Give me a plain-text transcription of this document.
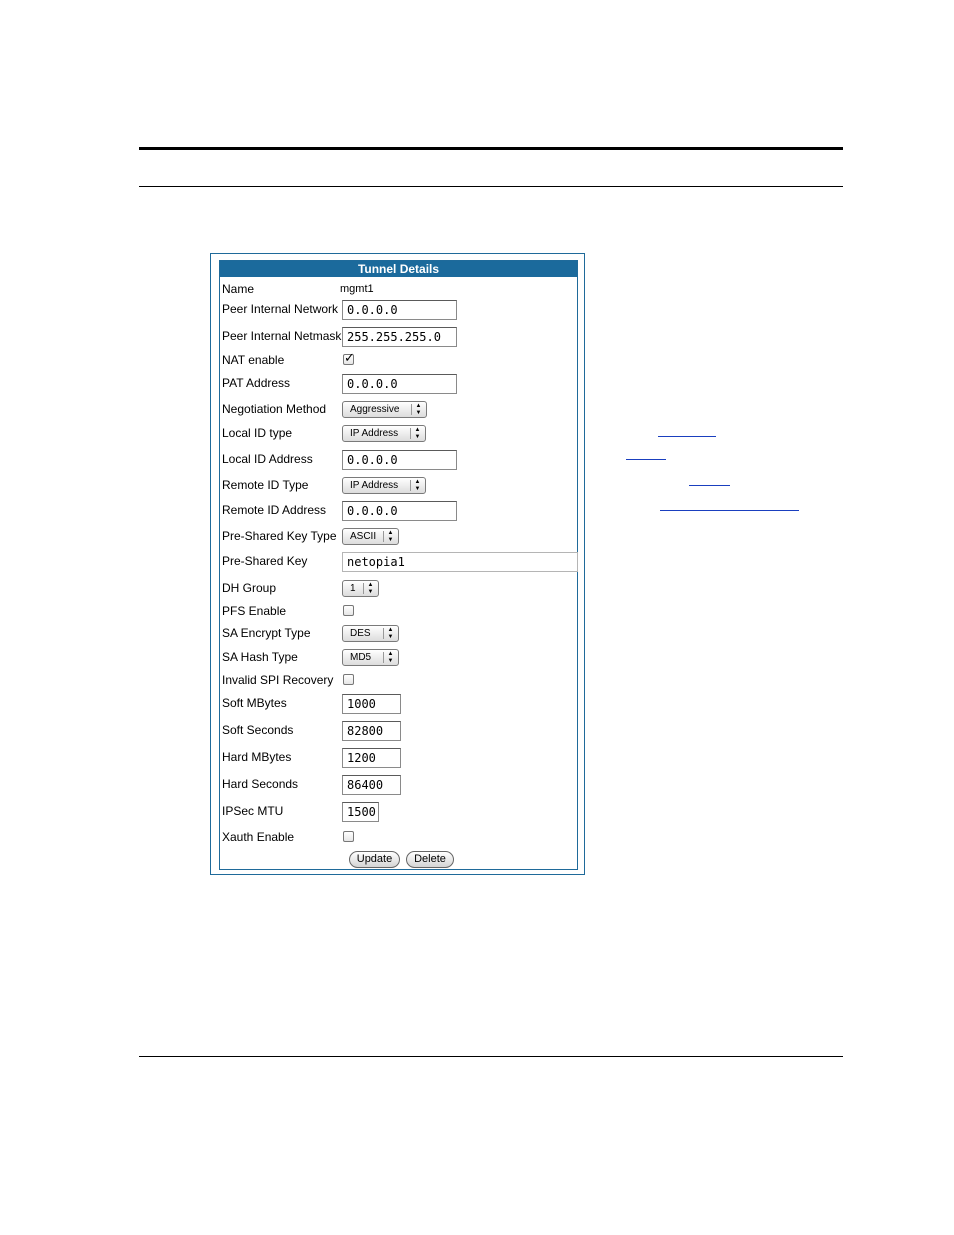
Tunnel Details
Name	mgmt1
Peer Internal Network 0.0.0.0
Peer Internal Netmask 255.255.255.0
NAT enable	✓
PAT Address	0.0.0.0
Negotiation Method	Aggressive	▲
▼
Local ID type	IP Address	▲
▼
Local ID Address	0.0.0.0
Remote ID Type	IP Address	▲
▼
Remote ID Address	0.0.0.0
Pre-Shared Key Type	ASCII ▲
▼
Pre-Shared Key	netopia1
DH Group	1 ▲
▼
PFS Enable
SA Encrypt Type	DES	▲
▼
SA Hash Type	MD5	▲
▼
Invalid SPI Recovery
Soft MBytes	1000
Soft Seconds	82800
Hard MBytes	1200
Hard Seconds	86400
IPSec MTU	1500
Xauth Enable
Update	Delete
